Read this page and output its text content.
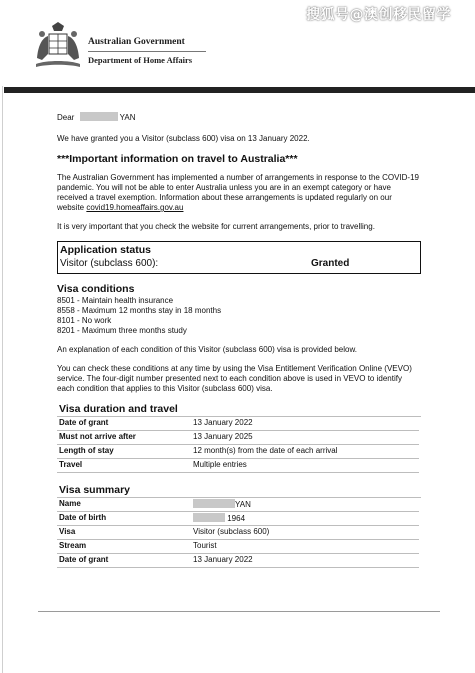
Australian Government
Department of Home Affairs
搜狐号@澳创移民留学

Dear	YAN

We have granted you a Visitor (subclass 600) visa on 13 January 2022.

***Important information on travel to Australia***

The Australian Government has implemented a number of arrangements in response to the COVID-19 pandemic. You will not be able to enter Australia unless you are in an exempt category or have received a travel exemption. Information about these arrangements is updated regularly on our website covid19.homeaffairs.gov.au

It is very important that you check the website for current arrangements, prior to travelling.

Application status
Visitor (subclass 600):	Granted
Visa conditions
8501 - Maintain health insurance
8558 - Maximum 12 months stay in 18 months
8101 - No work
8201 - Maximum three months study

An explanation of each condition of this Visitor (subclass 600) visa is provided below.

You can check these conditions at any time by using the Visa Entitlement Verification Online (VEVO) service. The four-digit number presented next to each condition above is used in VEVO to identify each condition that applies to this Visitor (subclass 600) visa.

Visa duration and travel
Date of grant	13 January 2022
Must not arrive after	13 January 2025
Length of stay	12 month(s) from the date of each arrival
Travel	Multiple entries
Visa summary
Name	YAN
Date of birth	1964
Visa	Visitor (subclass 600)
Stream	Tourist
Date of grant	13 January 2022
